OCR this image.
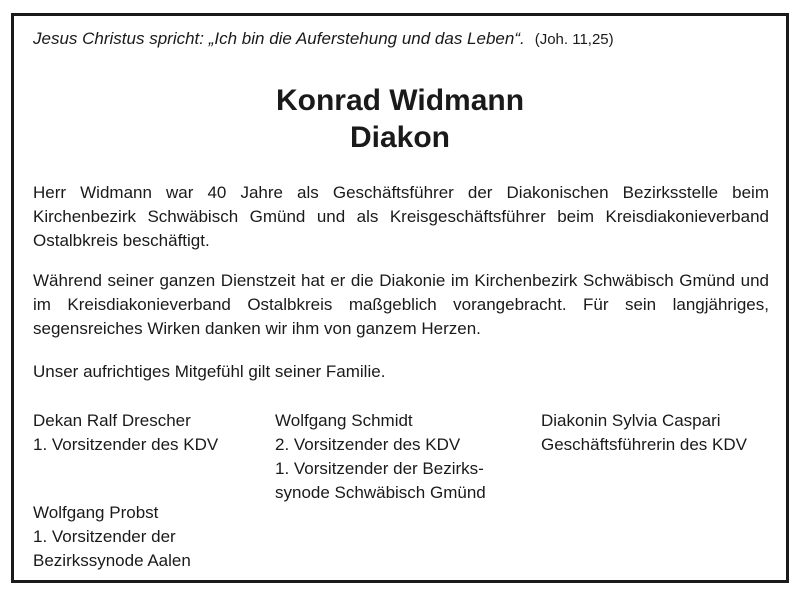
Jesus Christus spricht: „Ich bin die Auferstehung und das Leben“. (Joh. 11,25)
Konrad Widmann
Diakon
Herr Widmann war 40 Jahre als Geschäftsführer der Diakonischen Bezirksstelle beim Kirchenbezirk Schwäbisch Gmünd und als Kreisgeschäftsführer beim Kreisdiakonieverband Ostalbkreis beschäftigt.
Während seiner ganzen Dienstzeit hat er die Diakonie im Kirchenbezirk Schwäbisch Gmünd und im Kreisdiakonieverband Ostalbkreis maßgeblich vorangebracht. Für sein langjähriges, segensreiches Wirken danken wir ihm von ganzem Herzen.
Unser aufrichtiges Mitgefühl gilt seiner Familie.
Dekan Ralf Drescher
1. Vorsitzender des KDV
Wolfgang Schmidt
2. Vorsitzender des KDV
1. Vorsitzender der Bezirks-
synode Schwäbisch Gmünd
Diakonin Sylvia Caspari
Geschäftsführerin des KDV
Wolfgang Probst
1. Vorsitzender der
Bezirkssynode Aalen
